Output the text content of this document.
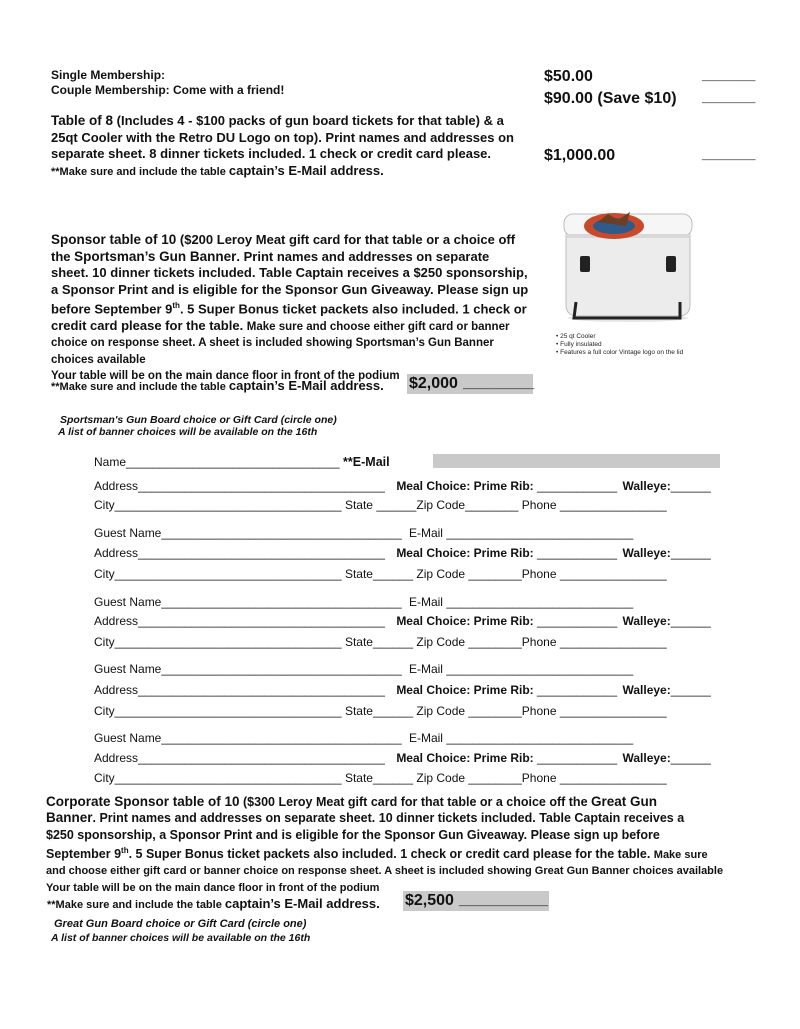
Single Membership:
Couple Membership: Come with a friend!
$50.00	______
$90.00 (Save $10) ______
Table of 8 (Includes 4 - $100 packs of gun board tickets for that table) & a
25qt Cooler with the Retro DU Logo on top). Print names and addresses on
separate sheet. 8 dinner tickets included. 1 check or credit card please.
**Make sure and include the table captain’s E-Mail address.
$1,000.00	______
Sponsor table of 10 ($200 Leroy Meat gift card for that table or a choice off
the Sportsman’s Gun Banner. Print names and addresses on separate
sheet. 10 dinner tickets included. Table Captain receives a $250 sponsorship,
a Sponsor Print and is eligible for the Sponsor Gun Giveaway. Please sign up
before September 9th. 5 Super Bonus ticket packets also included. 1 check or
credit card please for the table. Make sure and choose either gift card or banner
choice on response sheet. A sheet is included showing Sportsman’s Gun Banner
choices available
Your table will be on the main dance floor in front of the podium
**Make sure and include the table captain’s E-Mail address. $2,000 ________
• 25 qt Cooler
• Fully insulated
• Features a full color Vintage logo on the lid
Sportsman's Gun Board choice or Gift Card (circle one)
A list of banner choices will be available on the 16th
Name________________________________ **E-Mail
Address_____________________________________ Meal Choice: Prime Rib: ____________ Walleye:______
City__________________________________ State ______Zip Code________ Phone ________________
Guest Name____________________________________ E-Mail ____________________________
Address_____________________________________ Meal Choice: Prime Rib: ____________ Walleye:______
City__________________________________ State______ Zip Code ________Phone ________________
Guest Name____________________________________ E-Mail ____________________________
Address_____________________________________ Meal Choice: Prime Rib: ____________ Walleye:______
City__________________________________ State______ Zip Code ________Phone ________________
Guest Name____________________________________ E-Mail ____________________________
Address_____________________________________ Meal Choice: Prime Rib: ____________ Walleye:______
City__________________________________ State______ Zip Code ________Phone ________________
Guest Name____________________________________ E-Mail ____________________________
Address_____________________________________ Meal Choice: Prime Rib: ____________ Walleye:______
City__________________________________ State______ Zip Code ________Phone ________________
Corporate Sponsor table of 10 ($300 Leroy Meat gift card for that table or a choice off the Great Gun
Banner. Print names and addresses on separate sheet. 10 dinner tickets included. Table Captain receives a
$250 sponsorship, a Sponsor Print and is eligible for the Sponsor Gun Giveaway. Please sign up before
September 9th. 5 Super Bonus ticket packets also included. 1 check or credit card please for the table. Make sure
and choose either gift card or banner choice on response sheet. A sheet is included showing Great Gun Banner choices available
Your table will be on the main dance floor in front of the podium
**Make sure and include the table captain’s E-Mail address. $2,500 __________
Great Gun Board choice or Gift Card (circle one)
A list of banner choices will be available on the 16th
